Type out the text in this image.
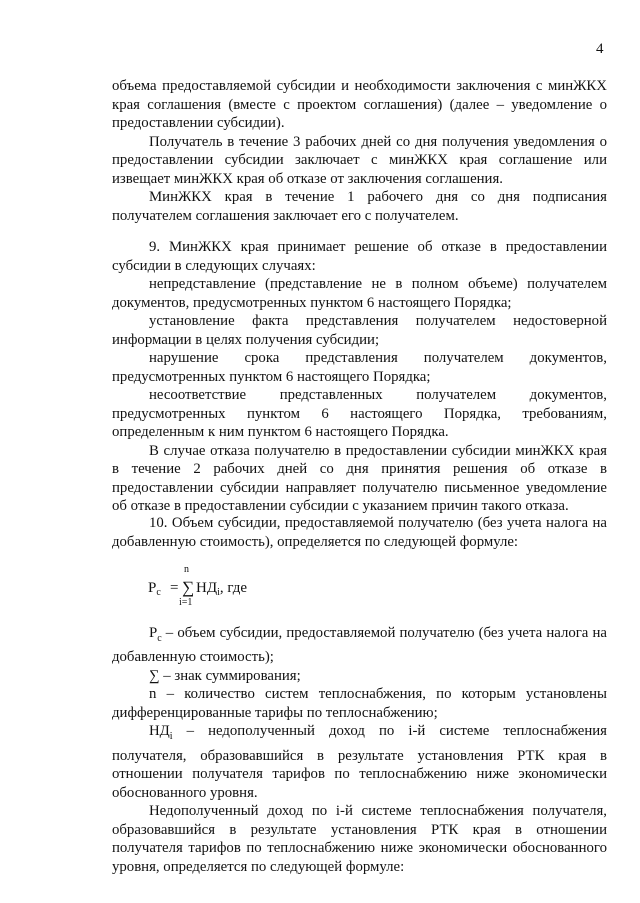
4

объема предоставляемой субсидии и необходимости заключения с минЖКХ края соглашения (вместе с проектом соглашения) (далее – уведомление о предоставлении субсидии).

Получатель в течение 3 рабочих дней со дня получения уведомления о предоставлении субсидии заключает с минЖКХ края соглашение или извещает минЖКХ края об отказе от заключения соглашения.

МинЖКХ края в течение 1 рабочего дня со дня подписания получателем соглашения заключает его с получателем.

9. МинЖКХ края принимает решение об отказе в предоставлении субсидии в следующих случаях:

непредставление (представление не в полном объеме) получателем документов, предусмотренных пунктом 6 настоящего Порядка;

установление факта представления получателем недостоверной информации в целях получения субсидии;

нарушение срока представления получателем документов, предусмотренных пунктом 6 настоящего Порядка;

несоответствие представленных получателем документов, предусмотренных пунктом 6 настоящего Порядка, требованиям, определенным к ним пунктом 6 настоящего Порядка.

В случае отказа получателю в предоставлении субсидии минЖКХ края в течение 2 рабочих дней со дня принятия решения об отказе в предоставлении субсидии направляет получателю письменное уведомление об отказе в предоставлении субсидии с указанием причин такого отказа.

10. Объем субсидии, предоставляемой получателю (без учета налога на добавленную стоимость), определяется по следующей формуле:

$Р_с$ =
n
∑
i=1
$НД_i$, где

$Р_с$ – объем субсидии, предоставляемой получателю (без учета налога на добавленную стоимость);

∑ – знак суммирования;

n – количество систем теплоснабжения, по которым установлены дифференцированные тарифы по теплоснабжению;

$НД_i$ – недополученный доход по i-й системе теплоснабжения получателя, образовавшийся в результате установления РТК края в отношении получателя тарифов по теплоснабжению ниже экономически обоснованного уровня.

Недополученный доход по i-й системе теплоснабжения получателя, образовавшийся в результате установления РТК края в отношении получателя тарифов по теплоснабжению ниже экономически обоснованного уровня, определяется по следующей формуле:
